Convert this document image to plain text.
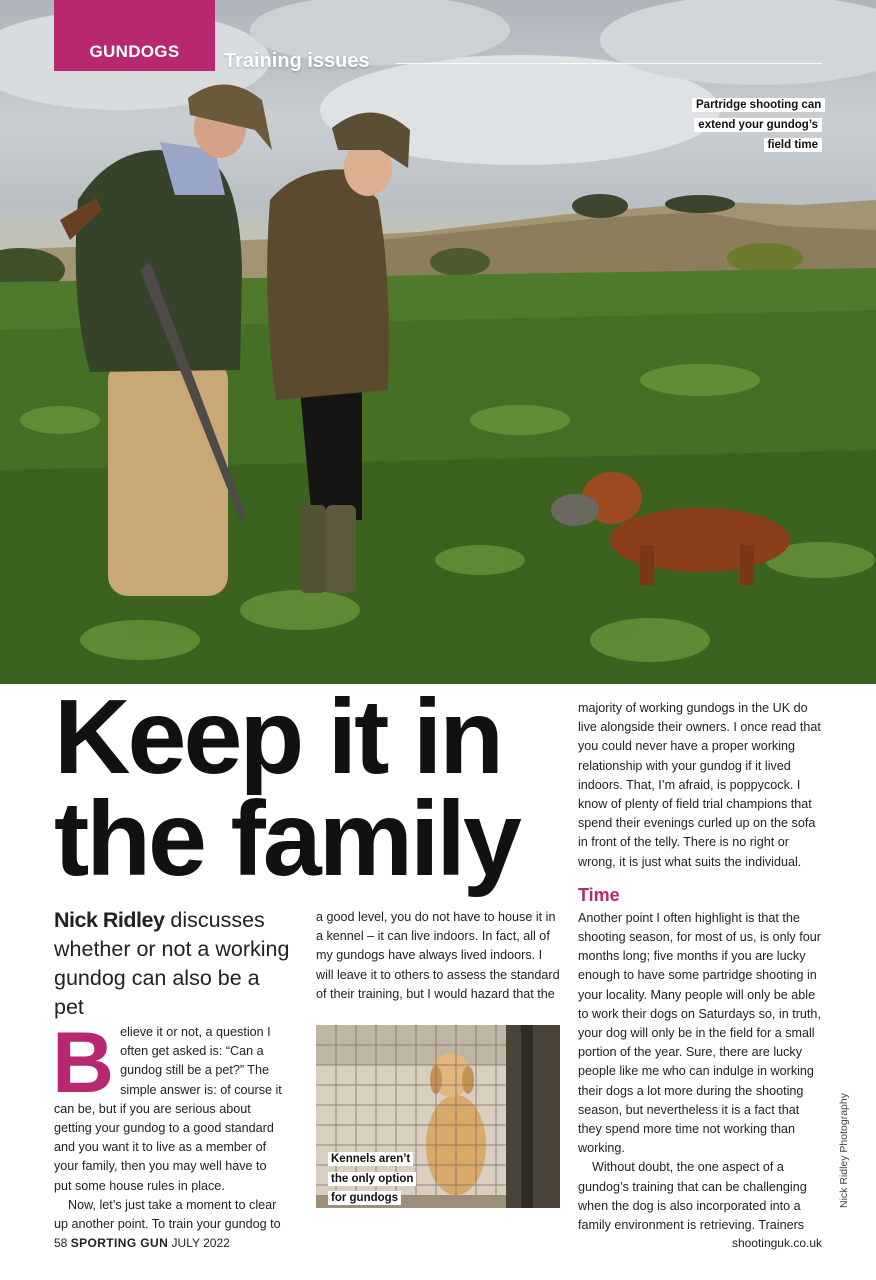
GUNDOGS	Training issues
Partridge shooting can extend your gundog’s field time
Keep it in
the family
Nick Ridley discusses whether or not a working gundog can also be a pet

Believe it or not, a question I often get asked is: “Can a gundog still be a pet?” The simple answer is: of course it can be, but if you are serious about getting your gundog to a good standard and you want it to live as a member of your family, then you may well have to put some house rules in place.

Now, let’s just take a moment to clear up another point. To train your gundog to

a good level, you do not have to house it in a kennel – it can live indoors. In fact, all of my gundogs have always lived indoors. I will leave it to others to assess the standard of their training, but I would hazard that the

Kennels aren’t the only option for gundogs

majority of working gundogs in the UK do live alongside their owners. I once read that you could never have a proper working relationship with your gundog if it lived indoors. That, I’m afraid, is poppycock. I know of plenty of field trial champions that spend their evenings curled up on the sofa in front of the telly. There is no right or wrong, it is just what suits the individual.

Time

Another point I often highlight is that the shooting season, for most of us, is only four months long; five months if you are lucky enough to have some partridge shooting in your locality. Many people will only be able to work their dogs on Saturdays so, in truth, your dog will only be in the field for a small portion of the year. Sure, there are lucky people like me who can indulge in working their dogs a lot more during the shooting season, but nevertheless it is a fact that they spend more time not working than working.

Without doubt, the one aspect of a gundog’s training that can be challenging when the dog is also incorporated into a family environment is retrieving. Trainers

Nick Ridley Photography
58 SPORTING GUN JULY 2022	shootinguk.co.uk
